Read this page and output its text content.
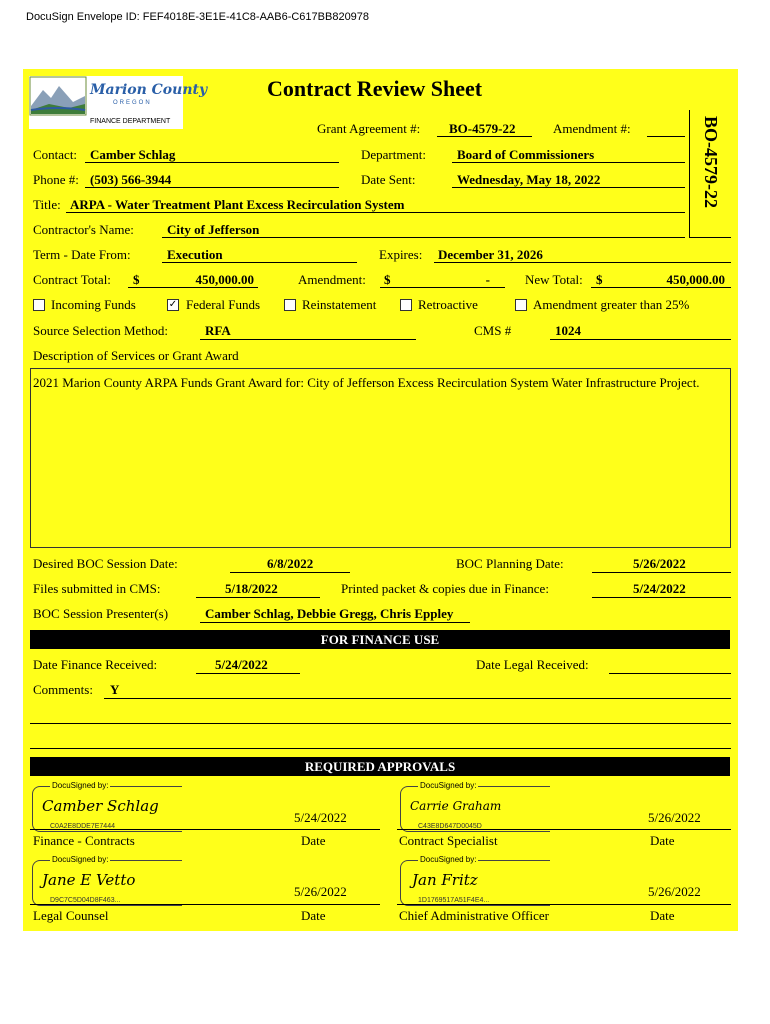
DocuSign Envelope ID: FEF4018E-3E1E-41C8-AAB6-C617BB820978
Marion County
OREGON
FINANCE DEPARTMENT
Contract Review Sheet
BO-4579-22
Grant Agreement #: BO-4579-22	Amendment #:
Contact: Camber Schlag	Department: Board of Commissioners
Phone #: (503) 566-3944	Date Sent:	Wednesday, May 18, 2022
Title: ARPA - Water Treatment Plant Excess Recirculation System
Contractor's Name:	City of Jefferson
Term - Date From:	Execution	Expires: December 31, 2026
Contract Total: $	450,000.00	Amendment: $	-	New Total: $	450,000.00
Incoming Funds	✓ Federal Funds	Reinstatement	Retroactive	Amendment greater than 25%
Source Selection Method:	RFA	CMS #	1024
Description of Services or Grant Award
2021 Marion County ARPA Funds Grant Award for: City of Jefferson Excess Recirculation System Water Infrastructure Project.
Desired BOC Session Date:	6/8/2022	BOC Planning Date:	5/26/2022
Files submitted in CMS:	5/18/2022	Printed packet & copies due in Finance:	5/24/2022
BOC Session Presenter(s)	Camber Schlag, Debbie Gregg, Chris Eppley
FOR FINANCE USE
Date Finance Received:	5/24/2022	Date Legal Received:
Comments: Y
REQUIRED APPROVALS
DocuSigned by:
Camber Schlag
C0A2E8DDE7E7444
5/24/2022
Finance - Contracts	Date
DocuSigned by:
Carrie Graham
C43E8D647D0045D
5/26/2022
Contract Specialist	Date
DocuSigned by:
Jane E Vetto
D9C7C5D04D8F463...
5/26/2022
Legal Counsel	Date
DocuSigned by:
Jan Fritz
1D1769517A51F4E4...
5/26/2022
Chief Administrative Officer	Date
